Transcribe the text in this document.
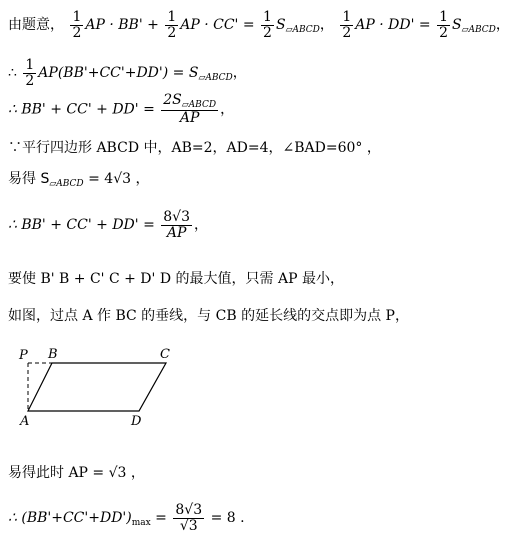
由题意， $\frac{1}{2}$ AP · $BB' + \frac{1}{2}$ AP · $CC' = \frac{1}{2} S_{▱ABCD}$， $\frac{1}{2}$ AP · $DD' = \frac{1}{2} S_{▱ABCD}$，
∴ $\frac{1}{2} AP(BB'+CC'+DD') = S_{▱ABCD}$，
∴ $BB' + CC' + DD' = \frac{2S_{▱ABCD}}{AP}$ ，
∵平行四边形 ABCD 中，AB=2，AD=4，∠BAD=60° ，
易得 $S_{▱ABCD} = 4√3$ ，
∴ $BB' + CC' + DD' = \frac{8√3}{AP}$ ，
要使 B' B + C' C + D' D 的最大值，只需 AP 最小，
如图，过点 A 作 BC 的垂线，与 CB 的延长线的交点即为点 P，
P B	C
A	D
易得此时 AP = √3 ，
∴ $(BB'+CC'+DD')_{max} = \frac{8√3}{√3} = 8$ .
